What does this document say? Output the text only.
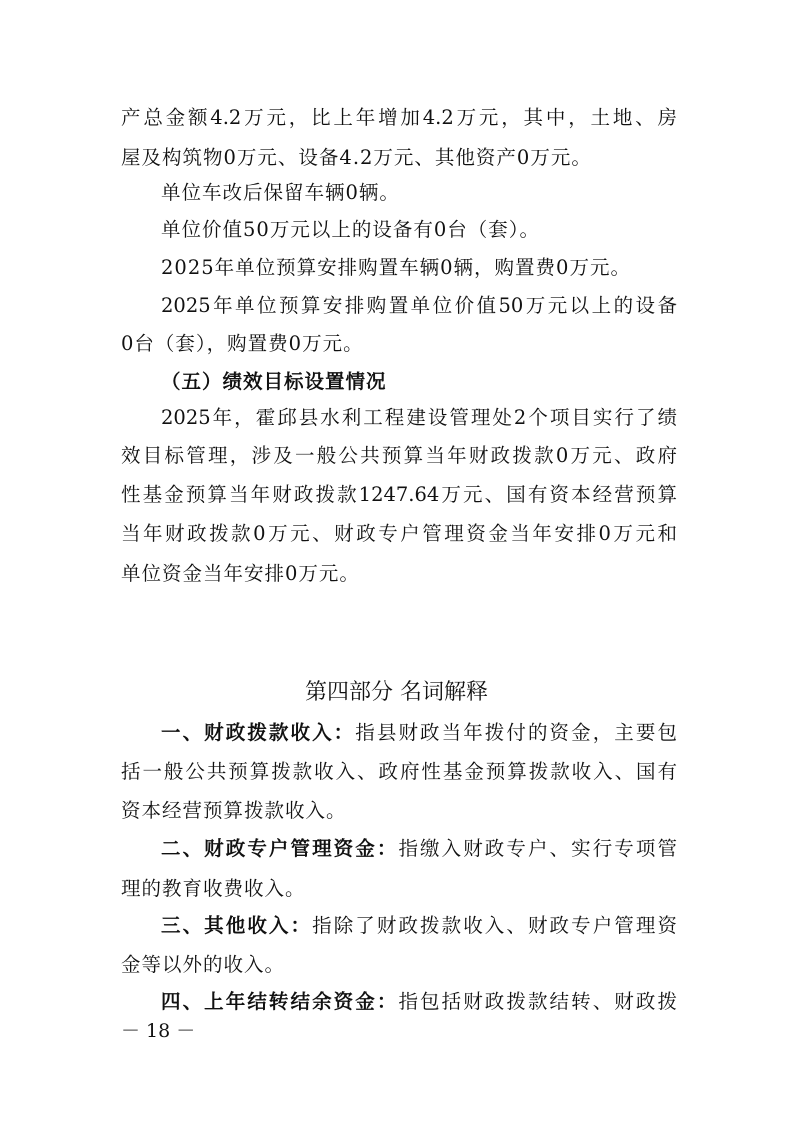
产总金额4.2万元，比上年增加4.2万元，其中，土地、房
屋及构筑物0万元、设备4.2万元、其他资产0万元。
单位车改后保留车辆0辆。
单位价值50万元以上的设备有0台（套）。
2025年单位预算安排购置车辆0辆，购置费0万元。
2025年单位预算安排购置单位价值50万元以上的设备
0台（套），购置费0万元。
（五）绩效目标设置情况
2025年，霍邱县水利工程建设管理处2个项目实行了绩
效目标管理，涉及一般公共预算当年财政拨款0万元、政府
性基金预算当年财政拨款1247.64万元、国有资本经营预算
当年财政拨款0万元、财政专户管理资金当年安排0万元和
单位资金当年安排0万元。
第四部分 名词解释
一、财政拨款收入：指县财政当年拨付的资金，主要包
括一般公共预算拨款收入、政府性基金预算拨款收入、国有
资本经营预算拨款收入。
二、财政专户管理资金：指缴入财政专户、实行专项管
理的教育收费收入。
三、其他收入：指除了财政拨款收入、财政专户管理资
金等以外的收入。
四、上年结转结余资金：指包括财政拨款结转、财政拨
－ 18 －
